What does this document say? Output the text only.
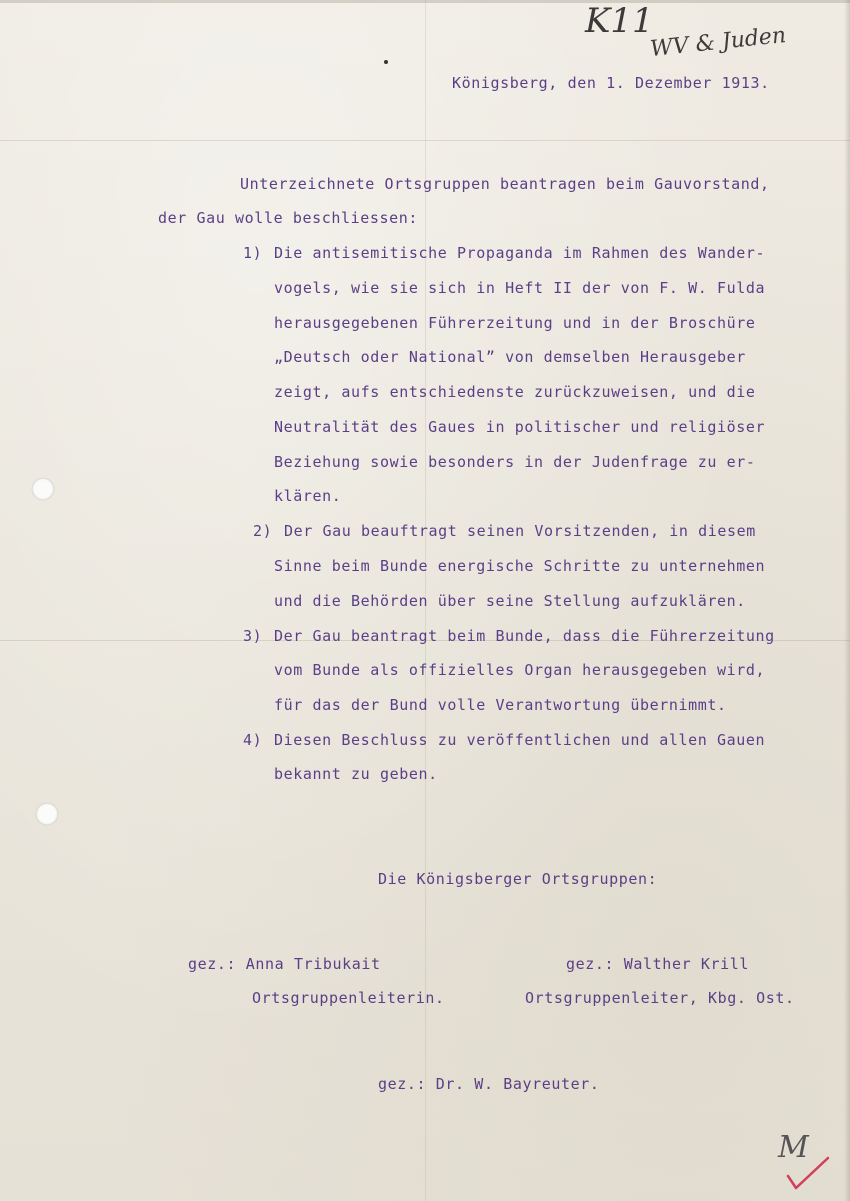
K11
WV & Juden
M
Königsberg, den 1. Dezember 1913.
Unterzeichnete Ortsgruppen beantragen beim Gauvorstand,
der Gau wolle beschliessen:
1) Die antisemitische Propaganda im Rahmen des Wander-
vogels, wie sie sich in Heft II der von F. W. Fulda
herausgegebenen Führerzeitung und in der Broschüre
„Deutsch oder National” von demselben Herausgeber
zeigt, aufs entschiedenste zurückzuweisen, und die
Neutralität des Gaues in politischer und religiöser
Beziehung sowie besonders in der Judenfrage zu er-
klären.
2) Der Gau beauftragt seinen Vorsitzenden, in diesem
Sinne beim Bunde energische Schritte zu unternehmen
und die Behörden über seine Stellung aufzuklären.
3) Der Gau beantragt beim Bunde, dass die Führerzeitung
vom Bunde als offizielles Organ herausgegeben wird,
für das der Bund volle Verantwortung übernimmt.
4) Diesen Beschluss zu veröffentlichen und allen Gauen
bekannt zu geben.
Die Königsberger Ortsgruppen:
gez.: Anna Tribukait
Ortsgruppenleiterin.
gez.: Walther Krill
Ortsgruppenleiter, Kbg. Ost.
gez.: Dr. W. Bayreuter.
